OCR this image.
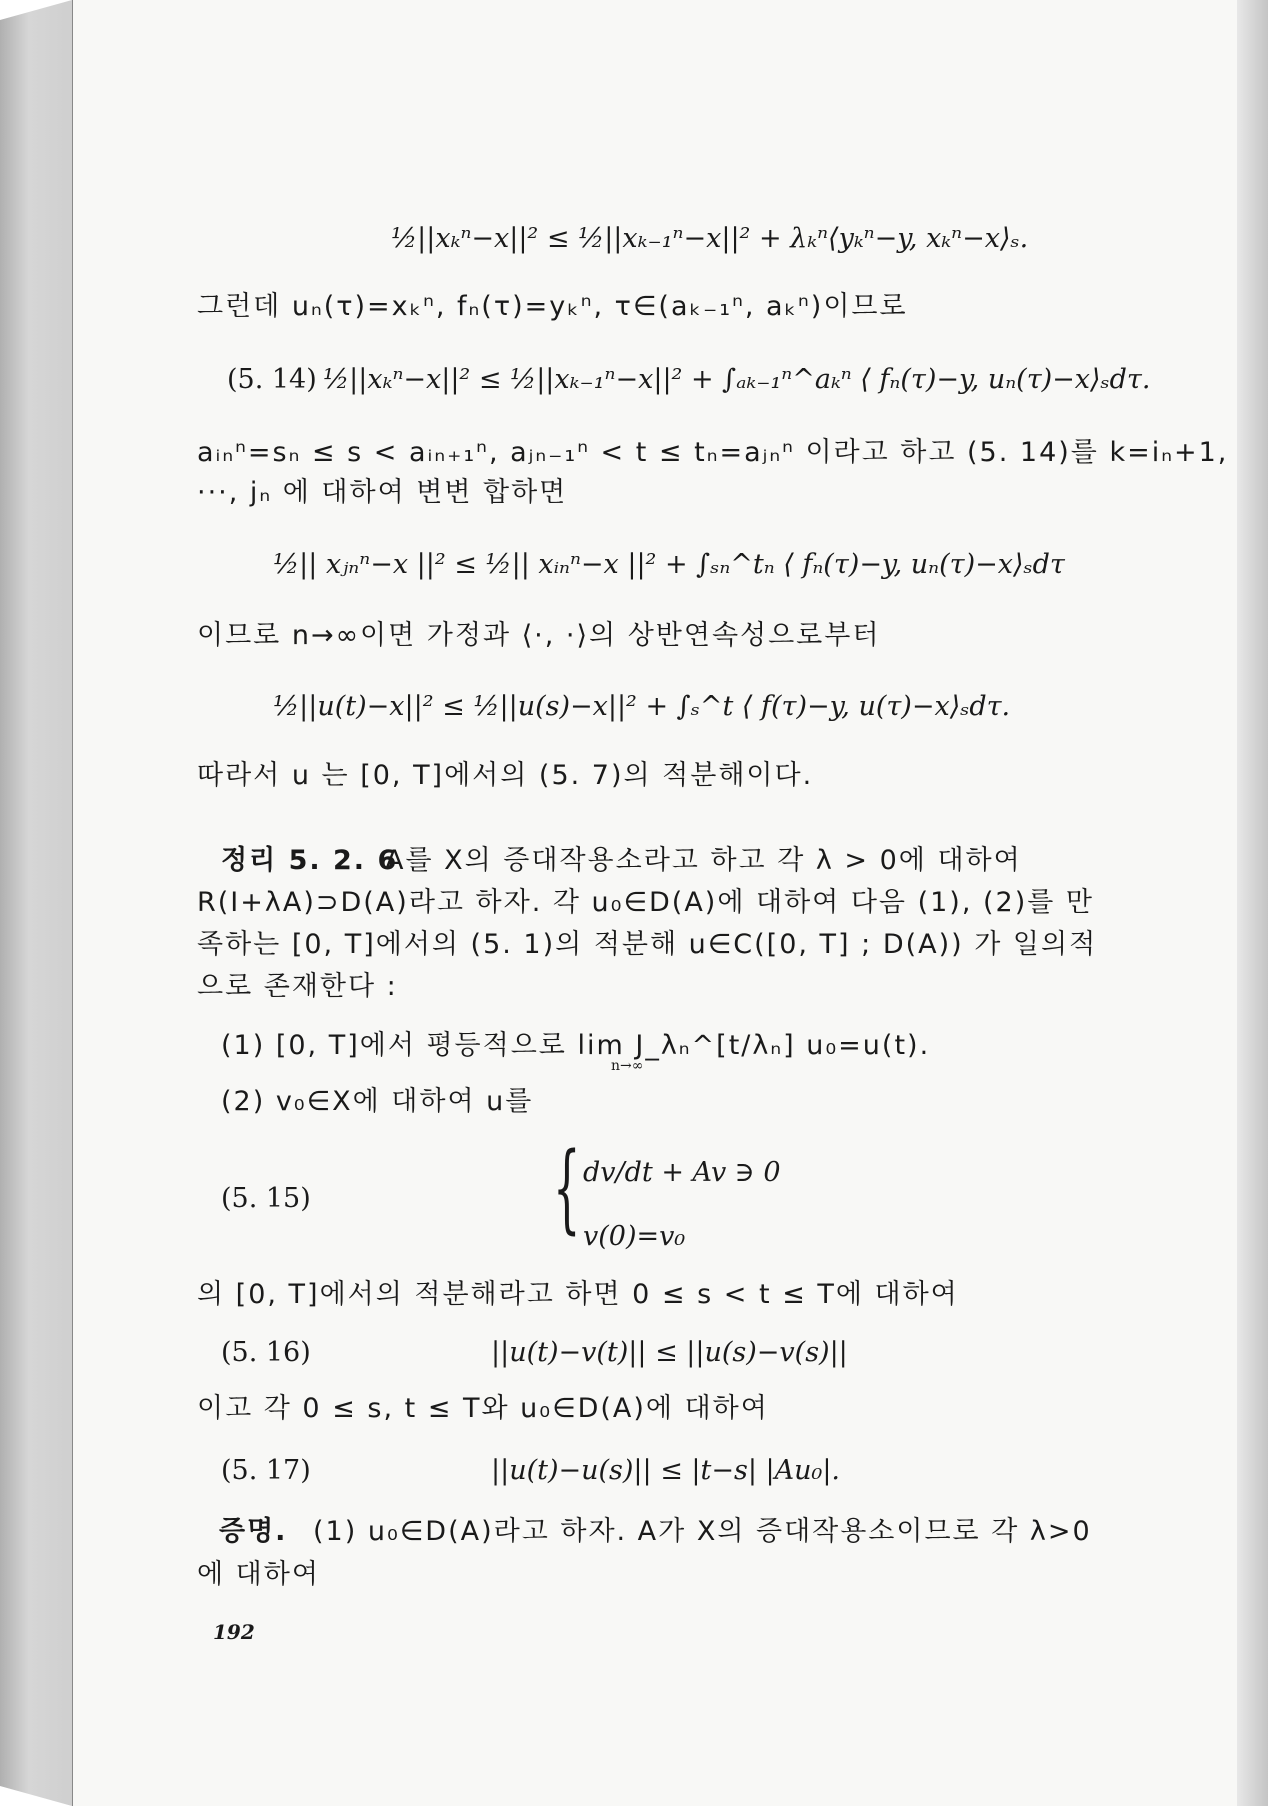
½||xₖⁿ−x||² ≤ ½||xₖ₋₁ⁿ−x||² + λₖⁿ⟨yₖⁿ−y, xₖⁿ−x⟩ₛ.
그런데 uₙ(τ)=xₖⁿ, fₙ(τ)=yₖⁿ, τ∈(aₖ₋₁ⁿ, aₖⁿ)이므로
(5. 14) ½||xₖⁿ−x||² ≤ ½||xₖ₋₁ⁿ−x||² + ∫ₐₖ₋₁ⁿ^aₖⁿ ⟨ fₙ(τ)−y, uₙ(τ)−x⟩ₛdτ.
aᵢₙⁿ=sₙ ≤ s < aᵢₙ₊₁ⁿ, aⱼₙ₋₁ⁿ < t ≤ tₙ=aⱼₙⁿ 이라고 하고 (5. 14)를 k=iₙ+1,
···, jₙ 에 대하여 변변 합하면
½|| xⱼₙⁿ−x ||² ≤ ½|| xᵢₙⁿ−x ||² + ∫ₛₙ^tₙ ⟨ fₙ(τ)−y, uₙ(τ)−x⟩ₛdτ
이므로 n→∞이면 가정과 ⟨·, ·⟩의 상반연속성으로부터
½||u(t)−x||² ≤ ½||u(s)−x||² + ∫ₛ^t ⟨ f(τ)−y, u(τ)−x⟩ₛdτ.
따라서 u 는 [0, T]에서의 (5. 7)의 적분해이다.
정리 5. 2. 6
A를 X의 증대작용소라고 하고 각 λ > 0에 대하여
R(I+λA)⊃D(A)라고 하자. 각 u₀∈D(A)에 대하여 다음 (1), (2)를 만
족하는 [0, T]에서의 (5. 1)의 적분해 u∈C([0, T] ; D(A)) 가 일의적
으로 존재한다 :
(1) [0, T]에서 평등적으로 lim J_λₙ^[t/λₙ] u₀=u(t).
n→∞
(2) v₀∈X에 대하여 u를
(5. 15)	{ dv/dt + Av ∋ 0
v(0)=v₀
의 [0, T]에서의 적분해라고 하면 0 ≤ s < t ≤ T에 대하여
(5. 16)	||u(t)−v(t)|| ≤ ||u(s)−v(s)||
이고 각 0 ≤ s, t ≤ T와 u₀∈D(A)에 대하여
(5. 17)	||u(t)−u(s)|| ≤ |t−s| |Au₀|.
증명. (1) u₀∈D(A)라고 하자. A가 X의 증대작용소이므로 각 λ>0
에 대하여
192
